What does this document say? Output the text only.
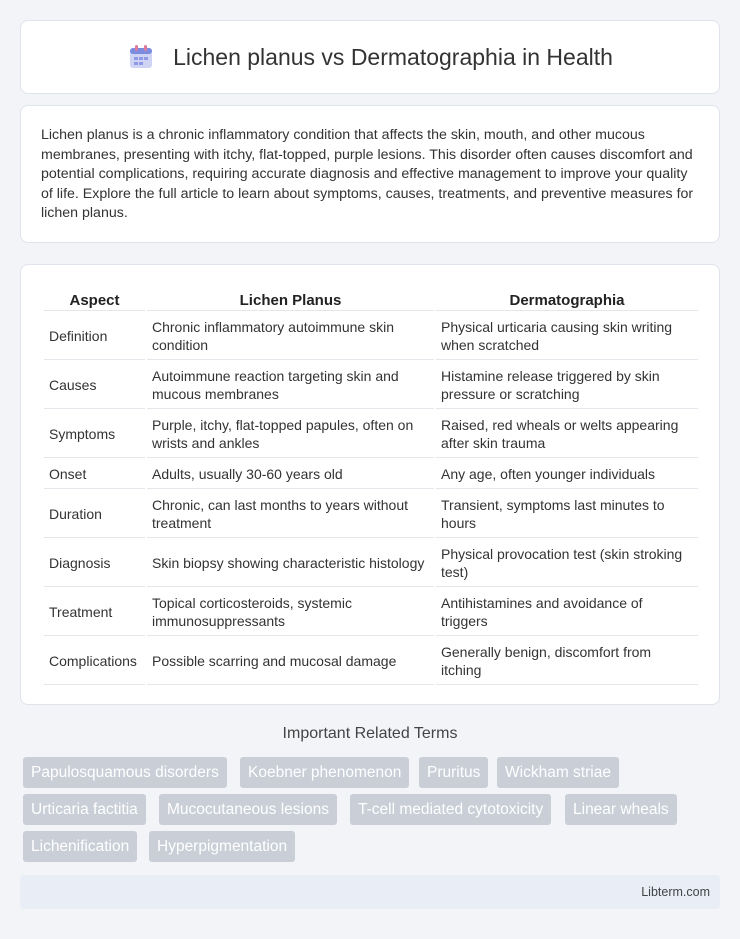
Lichen planus vs Dermatographia in Health

Lichen planus is a chronic inflammatory condition that affects the skin, mouth, and other mucous membranes, presenting with itchy, flat-topped, purple lesions. This disorder often causes discomfort and potential complications, requiring accurate diagnosis and effective management to improve your quality of life. Explore the full article to learn about symptoms, causes, treatments, and preventive measures for lichen planus.

Aspect	Lichen Planus	Dermatographia
Definition	Chronic inflammatory autoimmune skin condition	Physical urticaria causing skin writing when scratched
Causes	Autoimmune reaction targeting skin and mucous membranes	Histamine release triggered by skin pressure or scratching
Symptoms	Purple, itchy, flat-topped papules, often on wrists and ankles	Raised, red wheals or welts appearing after skin trauma
Onset	Adults, usually 30-60 years old	Any age, often younger individuals
Duration	Chronic, can last months to years without treatment	Transient, symptoms last minutes to hours
Diagnosis	Skin biopsy showing characteristic histology	Physical provocation test (skin stroking test)
Treatment	Topical corticosteroids, systemic immunosuppressants	Antihistamines and avoidance of triggers
Complications	Possible scarring and mucosal damage	Generally benign, discomfort from itching
Important Related Terms
Papulosquamous disorders	Koebner phenomenon	Pruritus	Wickham striae
Urticaria factitia	Mucocutaneous lesions	T-cell mediated cytotoxicity	Linear wheals
Lichenification	Hyperpigmentation
Libterm.com
